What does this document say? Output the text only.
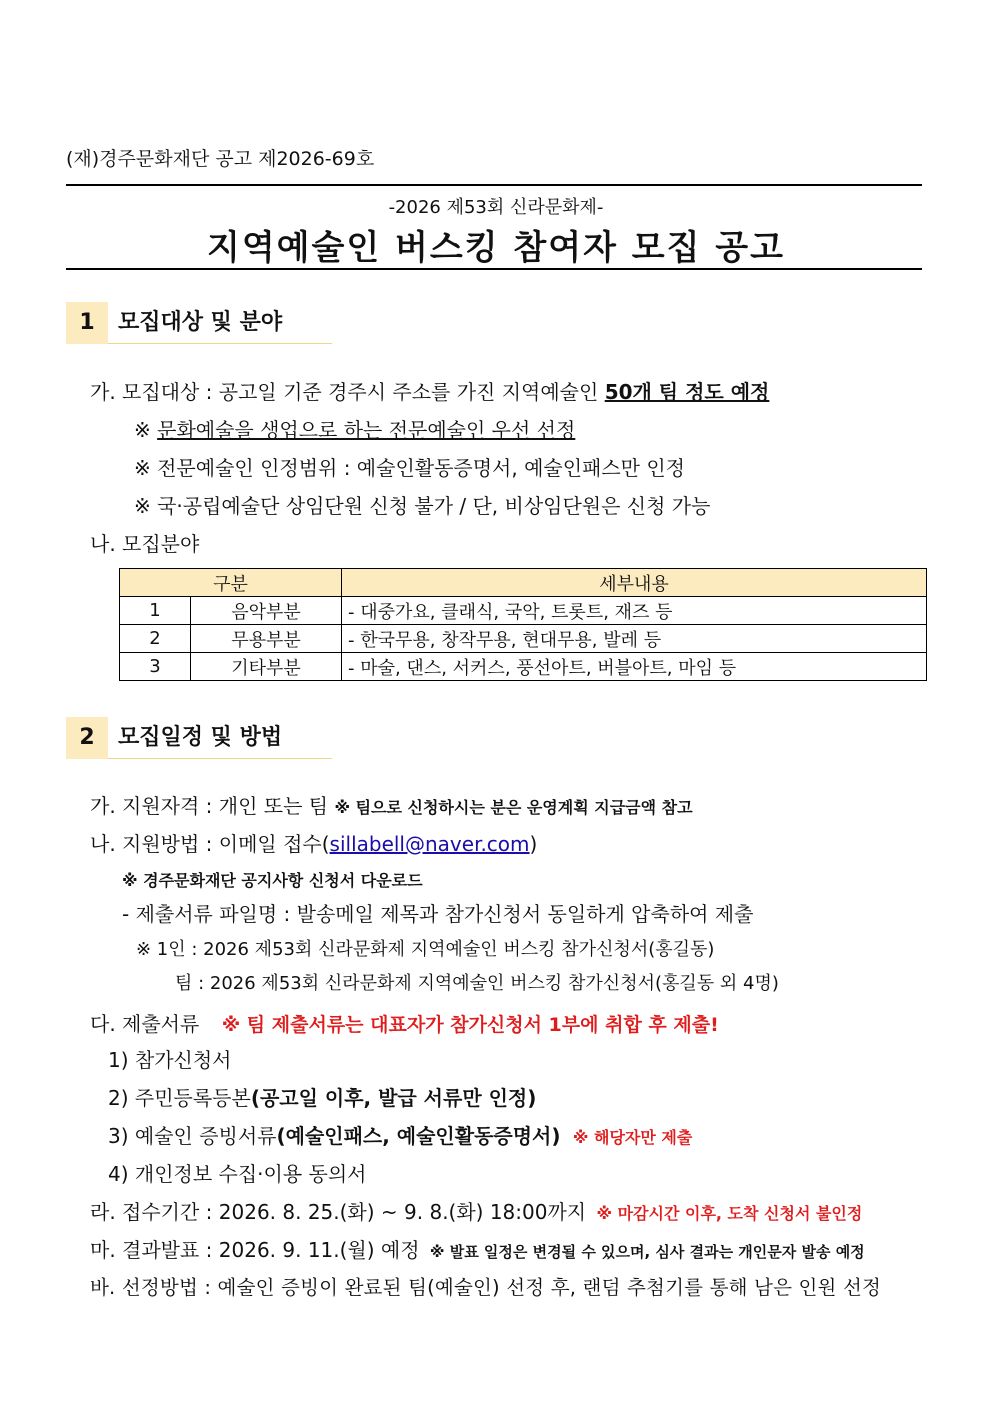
(재)경주문화재단 공고 제2026-69호
-2026 제53회 신라문화제-
지역예술인 버스킹 참여자 모집 공고
1	모집대상 및 분야
가. 모집대상 : 공고일 기준 경주시 주소를 가진 지역예술인 50개 팀 정도 예정
※ 문화예술을 생업으로 하는 전문예술인 우선 선정
※ 전문예술인 인정범위 : 예술인활동증명서, 예술인패스만 인정
※ 국·공립예술단 상임단원 신청 불가 / 단, 비상임단원은 신청 가능
나. 모집분야
구분		세부내용
1	음악부분	- 대중가요, 클래식, 국악, 트롯트, 재즈 등
2	무용부분	- 한국무용, 창작무용, 현대무용, 발레 등
3	기타부분	- 마술, 댄스, 서커스, 풍선아트, 버블아트, 마임 등
2	모집일정 및 방법
가. 지원자격 : 개인 또는 팀 ※ 팀으로 신청하시는 분은 운영계획 지급금액 참고
나. 지원방법 : 이메일 접수(sillabell@naver.com)
※ 경주문화재단 공지사항 신청서 다운로드
- 제출서류 파일명 : 발송메일 제목과 참가신청서 동일하게 압축하여 제출
※ 1인 : 2026 제53회 신라문화제 지역예술인 버스킹 참가신청서(홍길동)
팀 : 2026 제53회 신라문화제 지역예술인 버스킹 참가신청서(홍길동 외 4명)
다. 제출서류 ※ 팀 제출서류는 대표자가 참가신청서 1부에 취합 후 제출!
1) 참가신청서
2) 주민등록등본(공고일 이후, 발급 서류만 인정)
3) 예술인 증빙서류(예술인패스, 예술인활동증명서) ※ 해당자만 제출
4) 개인정보 수집·이용 동의서
라. 접수기간 : 2026. 8. 25.(화) ~ 9. 8.(화) 18:00까지 ※ 마감시간 이후, 도착 신청서 불인정
마. 결과발표 : 2026. 9. 11.(월) 예정 ※ 발표 일정은 변경될 수 있으며, 심사 결과는 개인문자 발송 예정
바. 선정방법 : 예술인 증빙이 완료된 팀(예술인) 선정 후, 랜덤 추첨기를 통해 남은 인원 선정
